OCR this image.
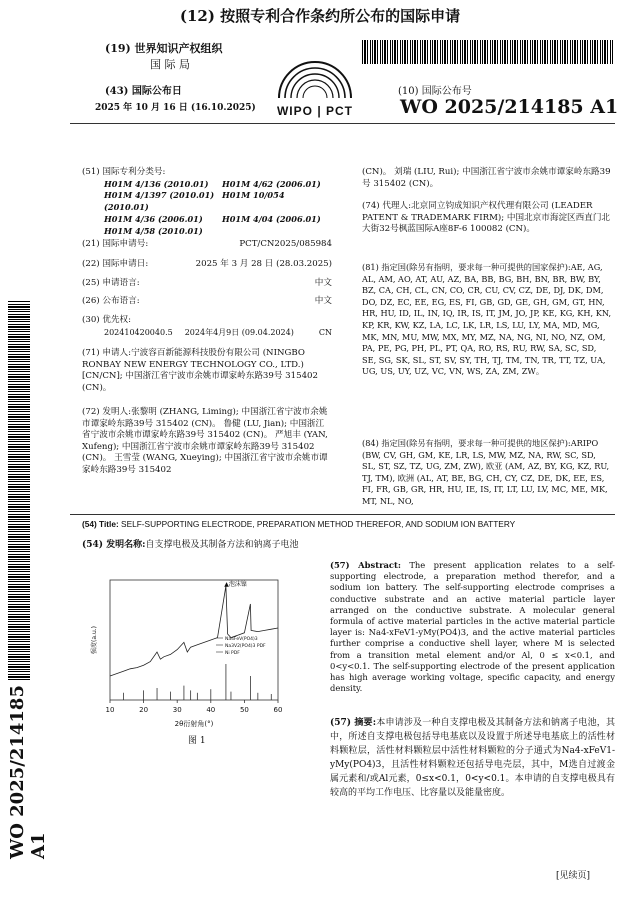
(12) 按照专利合作条约所公布的国际申请
(19) 世界知识产权组织
国 际 局
(43) 国际公布日
2025 年 10 月 16 日 (16.10.2025) WIPO | PCT
(10) 国际公布号
WO 2025/214185 A1
WO 2025/214185 A1
(51) 国际专利分类号:
H01M 4/136 (2010.01) H01M 4/62 (2006.01)
H01M 4/1397 (2010.01) H01M 10/054 (2010.01)
H01M 4/36 (2006.01) H01M 4/04 (2006.01)
H01M 4/58 (2010.01)
(21) 国际申请号:	PCT/CN2025/085984
(22) 国际申请日:	2025 年 3 月 28 日 (28.03.2025)
(25) 申请语言:	中文
(26) 公布语言:	中文
(30) 优先权:
202410420040.5 2024年4月9日 (09.04.2024)	CN
(71) 申请人:宁波容百新能源科技股份有限公司 (NINGBO RONBAY NEW ENERGY TECHNOLOGY CO., LTD.) [CN/CN]; 中国浙江省宁波市余姚市谭家岭东路39号 315402 (CN)。
(72) 发明人:张黎明 (ZHANG, Liming); 中国浙江省宁波市余姚市谭家岭东路39号 315402 (CN)。 鲁健 (LU, Jian); 中国浙江省宁波市余姚市谭家岭东路39号 315402 (CN)。 严旭丰 (YAN, Xufeng); 中国浙江省宁波市余姚市谭家岭东路39号 315402 (CN)。 王雪莹 (WANG, Xueying); 中国浙江省宁波市余姚市谭家岭东路39号 315402
(CN)。 刘瑞 (LIU, Rui); 中国浙江省宁波市余姚市谭家岭东路39号 315402 (CN)。
(74) 代理人:北京同立钧成知识产权代理有限公司 (LEADER PATENT & TRADEMARK FIRM); 中国北京市海淀区西直门北大街32号枫蓝国际A座8F-6 100082 (CN)。
(81) 指定国(除另有指明，要求每一种可提供的国家保护):AE, AG, AL, AM, AO, AT, AU, AZ, BA, BB, BG, BH, BN, BR, BW, BY, BZ, CA, CH, CL, CN, CO, CR, CU, CV, CZ, DE, DJ, DK, DM, DO, DZ, EC, EE, EG, ES, FI, GB, GD, GE, GH, GM, GT, HN, HR, HU, ID, IL, IN, IQ, IR, IS, IT, JM, JO, JP, KE, KG, KH, KN, KP, KR, KW, KZ, LA, LC, LK, LR, LS, LU, LY, MA, MD, MG, MK, MN, MU, MW, MX, MY, MZ, NA, NG, NI, NO, NZ, OM, PA, PE, PG, PH, PL, PT, QA, RO, RS, RU, RW, SA, SC, SD, SE, SG, SK, SL, ST, SV, SY, TH, TJ, TM, TN, TR, TT, TZ, UA, UG, US, UY, UZ, VC, VN, WS, ZA, ZM, ZW。
(84) 指定国(除另有指明，要求每一种可提供的地区保护):ARIPO (BW, CV, GH, GM, KE, LR, LS, MW, MZ, NA, RW, SC, SD, SL, ST, SZ, TZ, UG, ZM, ZW), 欧亚 (AM, AZ, BY, KG, KZ, RU, TJ, TM), 欧洲 (AL, AT, BE, BG, CH, CY, CZ, DE, DK, EE, ES, FI, FR, GB, GR, HR, HU, IE, IS, IT, LT, LU, LV, MC, ME, MK, MT, NL, NO,
(54) Title: SELF-SUPPORTING ELECTRODE, PREPARATION METHOD THEREFOR, AND SODIUM ION BATTERY
(54) 发明名称:自支撑电极及其制备方法和钠离子电池
10	20	30	40	50	60
2θ衍射角(°)
强度(a.u.)
▲泡沫镍
Na4FeV(PO4)3
Na3V2(PO4)3 PDF
Ni PDF
图 1
(57) Abstract: The present application relates to a self-supporting electrode, a preparation method therefor, and a sodium ion battery. The self-supporting electrode comprises a conductive substrate and an active material particle layer arranged on the conductive substrate. A molecular general formula of active material particles in the active material particle layer is: Na4-xFeV1-yMy(PO4)3, and the active material particles further comprise a conductive shell layer, where M is selected from a transition metal element and/or Al, 0 ≤ x<0.1, and 0<y<0.1. The self-supporting electrode of the present application has high average working voltage, specific capacity, and energy density.
(57) 摘要:本申请涉及一种自支撑电极及其制备方法和钠离子电池，其中，所述自支撑电极包括导电基底以及设置于所述导电基底上的活性材料颗粒层，活性材料颗粒层中活性材料颗粒的分子通式为Na4-xFeV1-yMy(PO4)3，且活性材料颗粒还包括导电壳层，其中，M选自过渡金属元素和/或Al元素，0≤x<0.1，0<y<0.1。本申请的自支撑电极具有较高的平均工作电压、比容量以及能量密度。
[见续页]
